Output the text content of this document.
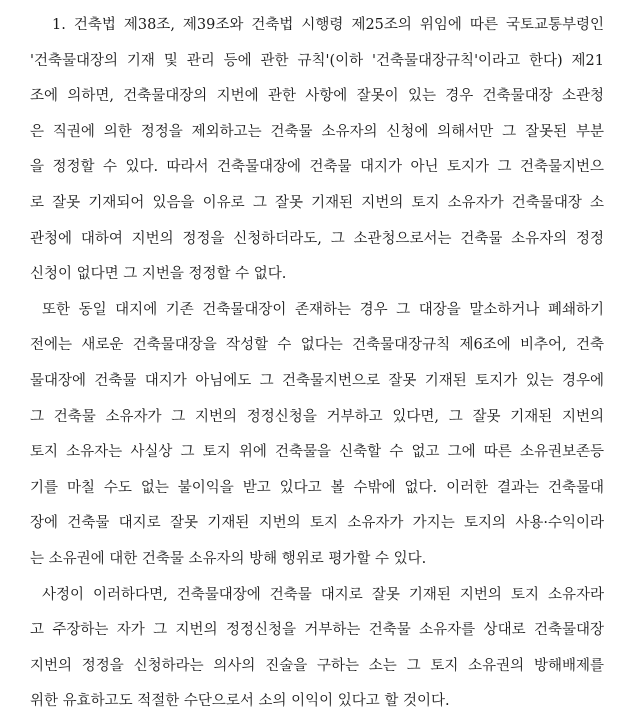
1. 건축법 제38조, 제39조와 건축법 시행령 제25조의 위임에 따른 국토교통부령인
'건축물대장의 기재 및 관리 등에 관한 규칙'(이하 '건축물대장규칙'이라고 한다) 제21
조에 의하면, 건축물대장의 지번에 관한 사항에 잘못이 있는 경우 건축물대장 소관청
은 직권에 의한 정정을 제외하고는 건축물 소유자의 신청에 의해서만 그 잘못된 부분
을 정정할 수 있다. 따라서 건축물대장에 건축물 대지가 아닌 토지가 그 건축물지번으
로 잘못 기재되어 있음을 이유로 그 잘못 기재된 지번의 토지 소유자가 건축물대장 소
관청에 대하여 지번의 정정을 신청하더라도, 그 소관청으로서는 건축물 소유자의 정정
신청이 없다면 그 지번을 정정할 수 없다.
또한 동일 대지에 기존 건축물대장이 존재하는 경우 그 대장을 말소하거나 폐쇄하기
전에는 새로운 건축물대장을 작성할 수 없다는 건축물대장규칙 제6조에 비추어, 건축
물대장에 건축물 대지가 아님에도 그 건축물지번으로 잘못 기재된 토지가 있는 경우에
그 건축물 소유자가 그 지번의 정정신청을 거부하고 있다면, 그 잘못 기재된 지번의
토지 소유자는 사실상 그 토지 위에 건축물을 신축할 수 없고 그에 따른 소유권보존등
기를 마칠 수도 없는 불이익을 받고 있다고 볼 수밖에 없다. 이러한 결과는 건축물대
장에 건축물 대지로 잘못 기재된 지번의 토지 소유자가 가지는 토지의 사용·수익이라
는 소유권에 대한 건축물 소유자의 방해 행위로 평가할 수 있다.
사정이 이러하다면, 건축물대장에 건축물 대지로 잘못 기재된 지번의 토지 소유자라
고 주장하는 자가 그 지번의 정정신청을 거부하는 건축물 소유자를 상대로 건축물대장
지번의 정정을 신청하라는 의사의 진술을 구하는 소는 그 토지 소유권의 방해배제를
위한 유효하고도 적절한 수단으로서 소의 이익이 있다고 할 것이다.
